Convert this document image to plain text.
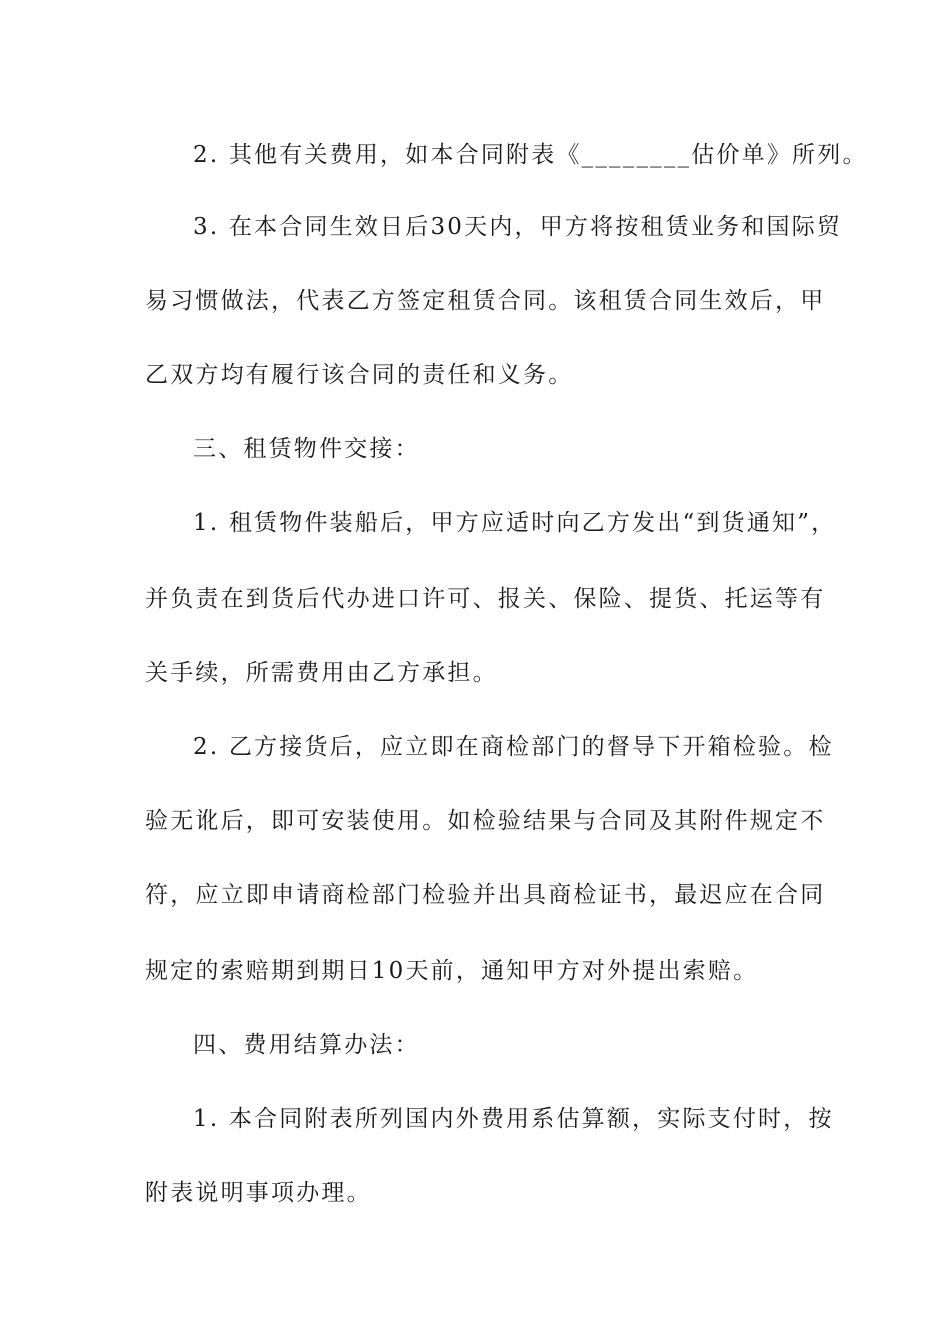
2. 其他有关费用，如本合同附表《________估价单》所列。
3. 在本合同生效日后30天内，甲方将按租赁业务和国际贸
易习惯做法，代表乙方签定租赁合同。该租赁合同生效后，甲
乙双方均有履行该合同的责任和义务。
三、租赁物件交接：
1. 租赁物件装船后，甲方应适时向乙方发出“到货通知”，
并负责在到货后代办进口许可、报关、保险、提货、托运等有
关手续，所需费用由乙方承担。
2. 乙方接货后，应立即在商检部门的督导下开箱检验。检
验无讹后，即可安装使用。如检验结果与合同及其附件规定不
符，应立即申请商检部门检验并出具商检证书，最迟应在合同
规定的索赔期到期日10天前，通知甲方对外提出索赔。
四、费用结算办法：
1. 本合同附表所列国内外费用系估算额，实际支付时，按
附表说明事项办理。
